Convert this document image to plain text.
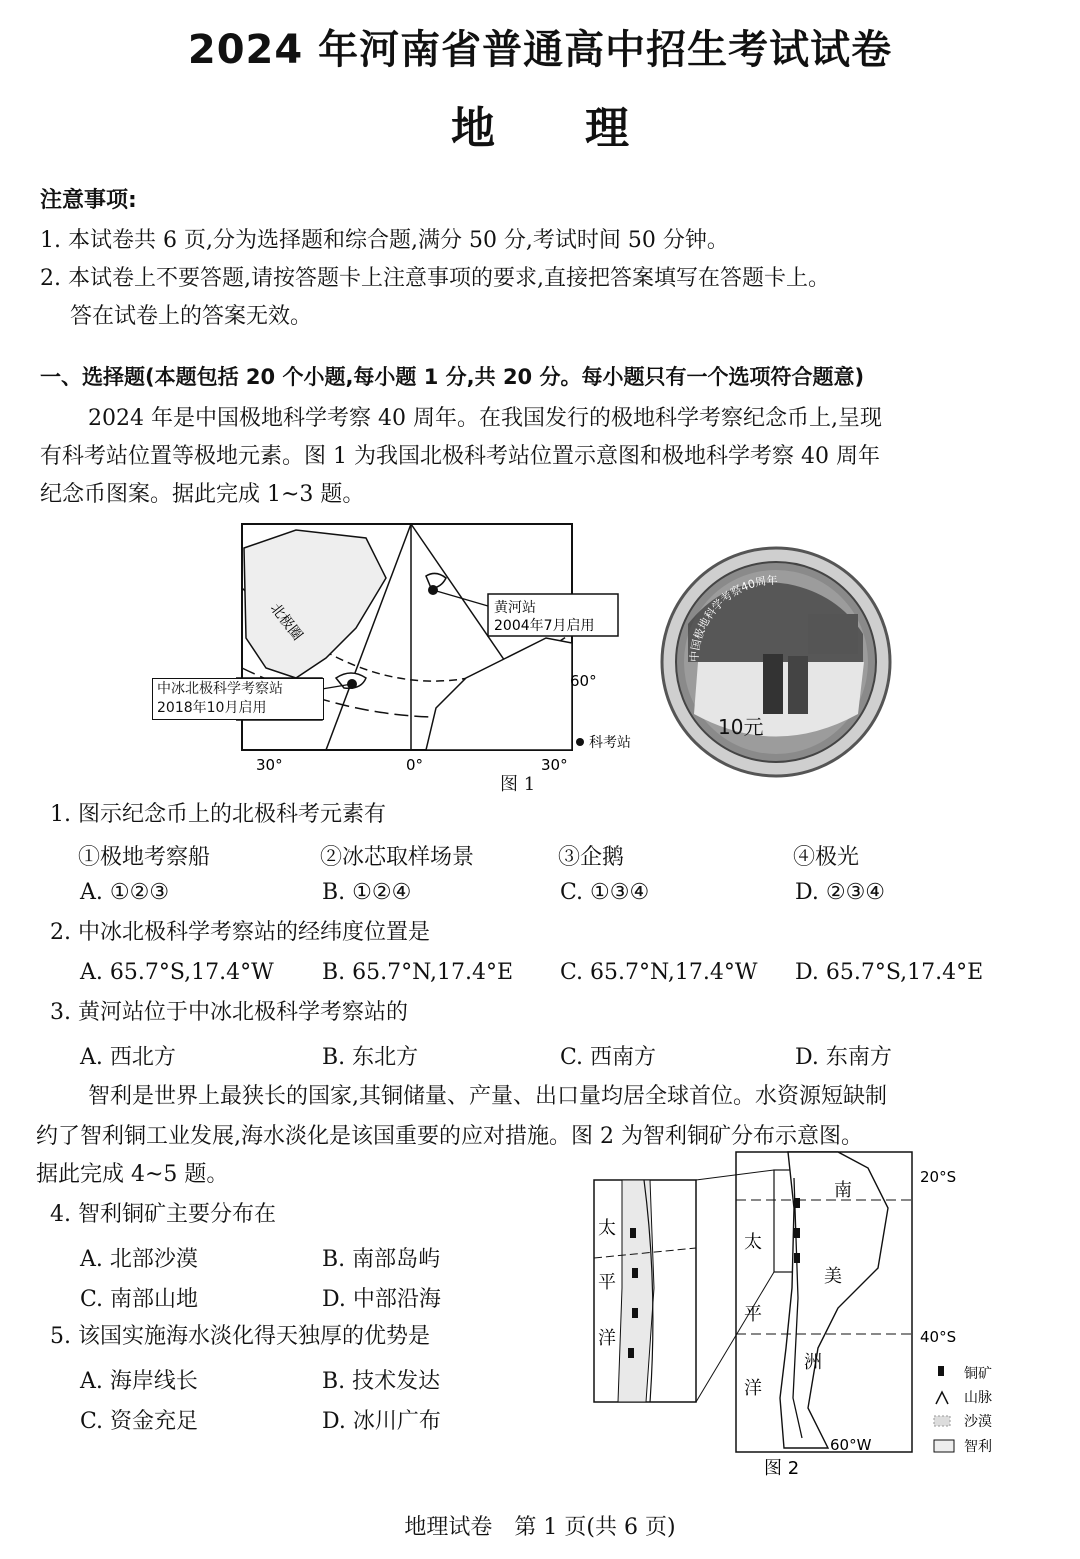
2024 年河南省普通高中招生考试试卷
地 理
注意事项:
1. 本试卷共 6 页,分为选择题和综合题,满分 50 分,考试时间 50 分钟。
2. 本试卷上不要答题,请按答题卡上注意事项的要求,直接把答案填写在答题卡上。
答在试卷上的答案无效。
一、选择题(本题包括 20 个小题,每小题 1 分,共 20 分。每小题只有一个选项符合题意)
2024 年是中国极地科学考察 40 周年。在我国发行的极地科学考察纪念币上,呈现
有科考站位置等极地元素。图 1 为我国北极科考站位置示意图和极地科学考察 40 周年
纪念币图案。据此完成 1~3 题。
黄河站
2004年7月启用
北极圈
60°
30°	0°	30°
科考站
中冰北极科学考察站
2018年10月启用
图 1
中国极地科学考察40周年
10元
1. 图示纪念币上的北极科考元素有
①极地考察船	②冰芯取样场景	③企鹅	④极光
A. ①②③	B. ①②④	C. ①③④	D. ②③④
2. 中冰北极科学考察站的经纬度位置是
A. 65.7°S,17.4°W B. 65.7°N,17.4°E C. 65.7°N,17.4°W D. 65.7°S,17.4°E
3. 黄河站位于中冰北极科学考察站的
A. 西北方	B. 东北方	C. 西南方	D. 东南方
智利是世界上最狭长的国家,其铜储量、产量、出口量均居全球首位。水资源短缺制
约了智利铜工业发展,海水淡化是该国重要的应对措施。图 2 为智利铜矿分布示意图。
据此完成 4~5 题。
4. 智利铜矿主要分布在
A. 北部沙漠	B. 南部岛屿
C. 南部山地	D. 中部沿海
5. 该国实施海水淡化得天独厚的优势是
A. 海岸线长	B. 技术发达
C. 资金充足	D. 冰川广布
太
平
洋
太
平
洋
南
美
洲
20°S
40°S
60°W
铜矿
山脉
沙漠
智利
图 2
地理试卷　第 1 页(共 6 页)
